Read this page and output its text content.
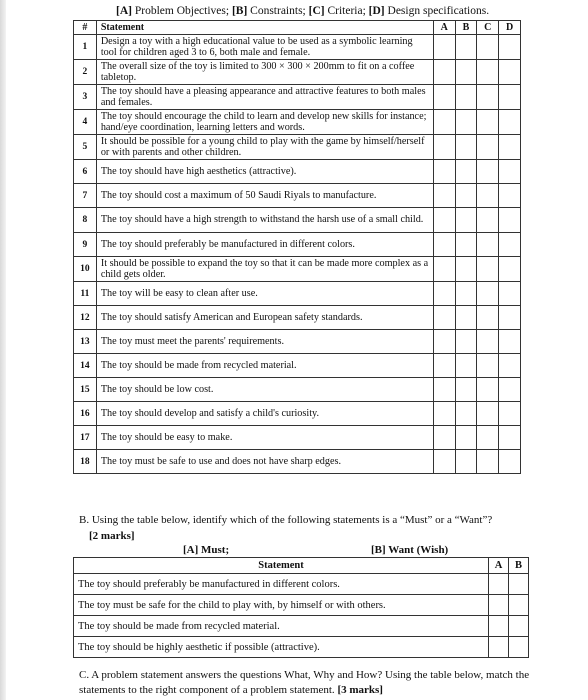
[A] Problem Objectives; [B] Constraints; [C] Criteria; [D] Design specifications.
#	Statement	A	B	C	D
1	Design a toy with a high educational value to be used as a symbolic learning tool for children aged 3 to 6, both male and female.				
2	The overall size of the toy is limited to 300 × 300 × 200mm to fit on a coffee tabletop.				
3	The toy should have a pleasing appearance and attractive features to both males and females.				
4	The toy should encourage the child to learn and develop new skills for instance; hand/eye coordination, learning letters and words.				
5	It should be possible for a young child to play with the game by himself/herself or with parents and other children.				
6	The toy should have high aesthetics (attractive).				
7	The toy should cost a maximum of 50 Saudi Riyals to manufacture.				
8	The toy should have a high strength to withstand the harsh use of a small child.				
9	The toy should preferably be manufactured in different colors.				
10	It should be possible to expand the toy so that it can be made more complex as a child gets older.				
11	The toy will be easy to clean after use.				
12	The toy should satisfy American and European safety standards.				
13	The toy must meet the parents' requirements.				
14	The toy should be made from recycled material.				
15	The toy should be low cost.				
16	The toy should develop and satisfy a child's curiosity.				
17	The toy should be easy to make.				
18	The toy must be safe to use and does not have sharp edges.				
B. Using the table below, identify which of the following statements is a “Must” or a “Want”?
[2 marks]
[A] Must;	[B] Want (Wish)
Statement	A	B
The toy should preferably be manufactured in different colors.		
The toy must be safe for the child to play with, by himself or with others.		
The toy should be made from recycled material.		
The toy should be highly aesthetic if possible (attractive).		
C. A problem statement answers the questions What, Why and How? Using the table below, match the statements to the right component of a problem statement. [3 marks]
